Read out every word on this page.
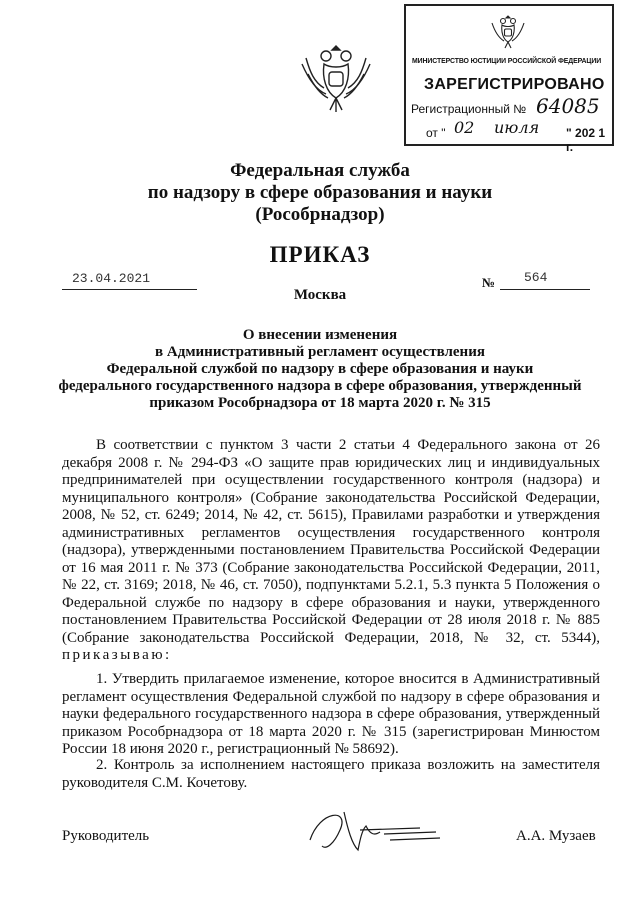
МИНИСТЕРСТВО ЮСТИЦИИ РОССИЙСКОЙ ФЕДЕРАЦИИ
ЗАРЕГИСТРИРОВАНО
Регистрационный № 64085
от " 02 июля " 202 1 г.
Федеральная служба
по надзору в сфере образования и науки
(Рособрнадзор)
ПРИКАЗ
23.04.2021	№ 564
Москва
О внесении изменения
в Административный регламент осуществления
Федеральной службой по надзору в сфере образования и науки
федерального государственного надзора в сфере образования, утвержденный
приказом Рособрнадзора от 18 марта 2020 г. № 315

В соответствии с пунктом 3 части 2 статьи 4 Федерального закона от 26 декабря 2008 г. № 294-ФЗ «О защите прав юридических лиц и индивидуальных предпринимателей при осуществлении государственного контроля (надзора) и муниципального контроля» (Собрание законодательства Российской Федерации, 2008, № 52, ст. 6249; 2014, № 42, ст. 5615), Правилами разработки и утверждения административных регламентов осуществления государственного контроля (надзора), утвержденными постановлением Правительства Российской Федерации от 16 мая 2011 г. № 373 (Собрание законодательства Российской Федерации, 2011, № 22, ст. 3169; 2018, № 46, ст. 7050), подпунктами 5.2.1, 5.3 пункта 5 Положения о Федеральной службе по надзору в сфере образования и науки, утвержденного постановлением Правительства Российской Федерации от 28 июля 2018 г. № 885 (Собрание законодательства Российской Федерации, 2018, № 32, ст. 5344), приказываю:

1. Утвердить прилагаемое изменение, которое вносится в Административный регламент осуществления Федеральной службой по надзору в сфере образования и науки федерального государственного надзора в сфере образования, утвержденный приказом Рособрнадзора от 18 марта 2020 г. № 315 (зарегистрирован Минюстом России 18 июня 2020 г., регистрационный № 58692).

2. Контроль за исполнением настоящего приказа возложить на заместителя руководителя С.М. Кочетову.

Руководитель	А.А. Музаев
